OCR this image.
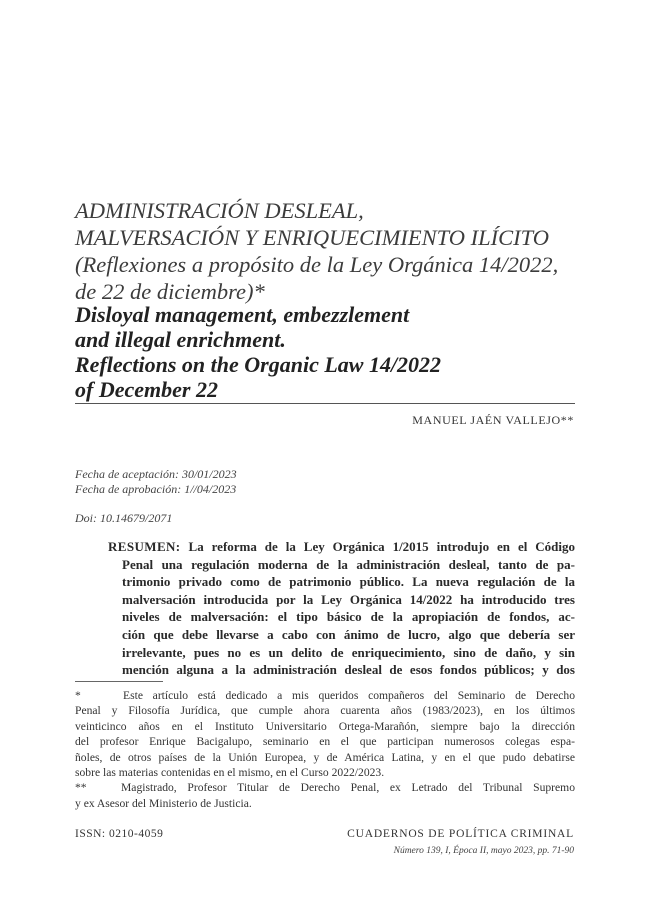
ADMINISTRACIÓN DESLEAL,
MALVERSACIÓN Y ENRIQUECIMIENTO ILÍCITO
(Reflexiones a propósito de la Ley Orgánica 14/2022,
de 22 de diciembre)*
Disloyal management, embezzlement
and illegal enrichment.
Reflections on the Organic Law 14/2022
of December 22
MANUEL JAÉN VALLEJO**
Fecha de aceptación: 30/01/2023
Fecha de aprobación: 1//04/2023
Doi: 10.14679/2071
RESUMEN: La reforma de la Ley Orgánica 1/2015 introdujo en el Código
Penal una regulación moderna de la administración desleal, tanto de pa-
trimonio privado como de patrimonio público. La nueva regulación de la
malversación introducida por la Ley Orgánica 14/2022 ha introducido tres
niveles de malversación: el tipo básico de la apropiación de fondos, ac-
ción que debe llevarse a cabo con ánimo de lucro, algo que debería ser
irrelevante, pues no es un delito de enriquecimiento, sino de daño, y sin
mención alguna a la administración desleal de esos fondos públicos; y dos
*	Este artículo está dedicado a mis queridos compañeros del Seminario de Derecho
Penal y Filosofía Jurídica, que cumple ahora cuarenta años (1983/2023), en los últimos
veinticinco años en el Instituto Universitario Ortega-Marañón, siempre bajo la dirección
del profesor Enrique Bacigalupo, seminario en el que participan numerosos colegas espa-
ñoles, de otros países de la Unión Europea, y de América Latina, y en el que pudo debatirse
sobre las materias contenidas en el mismo, en el Curso 2022/2023.
**	Magistrado, Profesor Titular de Derecho Penal, ex Letrado del Tribunal Supremo
y ex Asesor del Ministerio de Justicia.
ISSN: 0210-4059	CUADERNOS DE POLÍTICA CRIMINAL
Número 139, I, Época II, mayo 2023, pp. 71-90
